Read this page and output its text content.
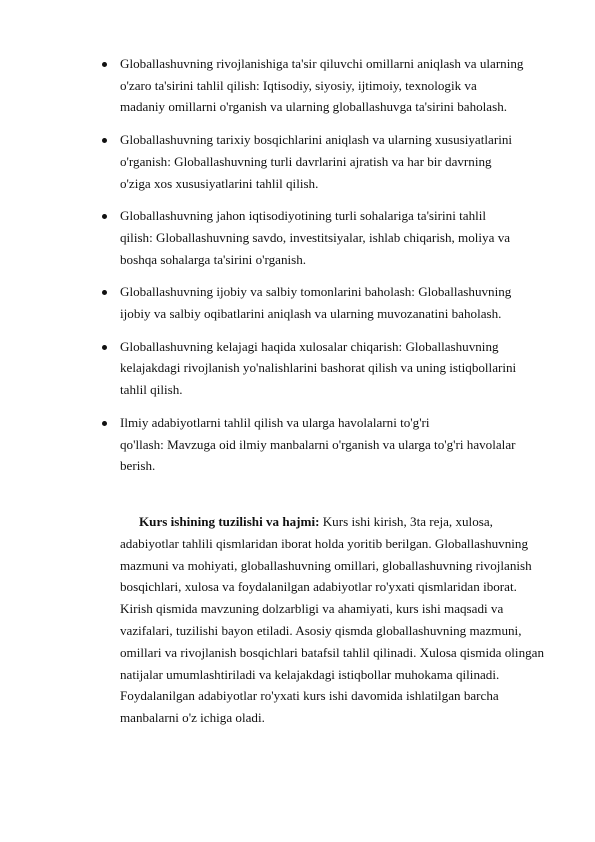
Globallashuvning rivojlanishiga ta'sir qiluvchi omillarni aniqlash va ularning
o'zaro ta'sirini tahlil qilish: Iqtisodiy, siyosiy, ijtimoiy, texnologik va
madaniy omillarni o'rganish va ularning globallashuvga ta'sirini baholash.
Globallashuvning tarixiy bosqichlarini aniqlash va ularning xususiyatlarini
o'rganish: Globallashuvning turli davrlarini ajratish va har bir davrning
o'ziga xos xususiyatlarini tahlil qilish.
Globallashuvning jahon iqtisodiyotining turli sohalariga ta'sirini tahlil
qilish: Globallashuvning savdo, investitsiyalar, ishlab chiqarish, moliya va
boshqa sohalarga ta'sirini o'rganish.
Globallashuvning ijobiy va salbiy tomonlarini baholash: Globallashuvning
ijobiy va salbiy oqibatlarini aniqlash va ularning muvozanatini baholash.
Globallashuvning kelajagi haqida xulosalar chiqarish: Globallashuvning
kelajakdagi rivojlanish yo'nalishlarini bashorat qilish va uning istiqbollarini
tahlil qilish.
Ilmiy adabiyotlarni tahlil qilish va ularga havolalarni to'g'ri
qo'llash: Mavzuga oid ilmiy manbalarni o'rganish va ularga to'g'ri havolalar
berish.

Kurs ishining tuzilishi va hajmi: Kurs ishi kirish, 3ta reja, xulosa, adabiyotlar tahlili qismlaridan iborat holda yoritib berilgan. Globallashuvning mazmuni va mohiyati, globallashuvning omillari, globallashuvning rivojlanish bosqichlari, xulosa va foydalanilgan adabiyotlar ro'yxati qismlaridan iborat. Kirish qismida mavzuning dolzarbligi va ahamiyati, kurs ishi maqsadi va vazifalari, tuzilishi bayon etiladi. Asosiy qismda globallashuvning mazmuni, omillari va rivojlanish bosqichlari batafsil tahlil qilinadi. Xulosa qismida olingan natijalar umumlashtiriladi va kelajakdagi istiqbollar muhokama qilinadi. Foydalanilgan adabiyotlar ro'yxati kurs ishi davomida ishlatilgan barcha manbalarni o'z ichiga oladi.
